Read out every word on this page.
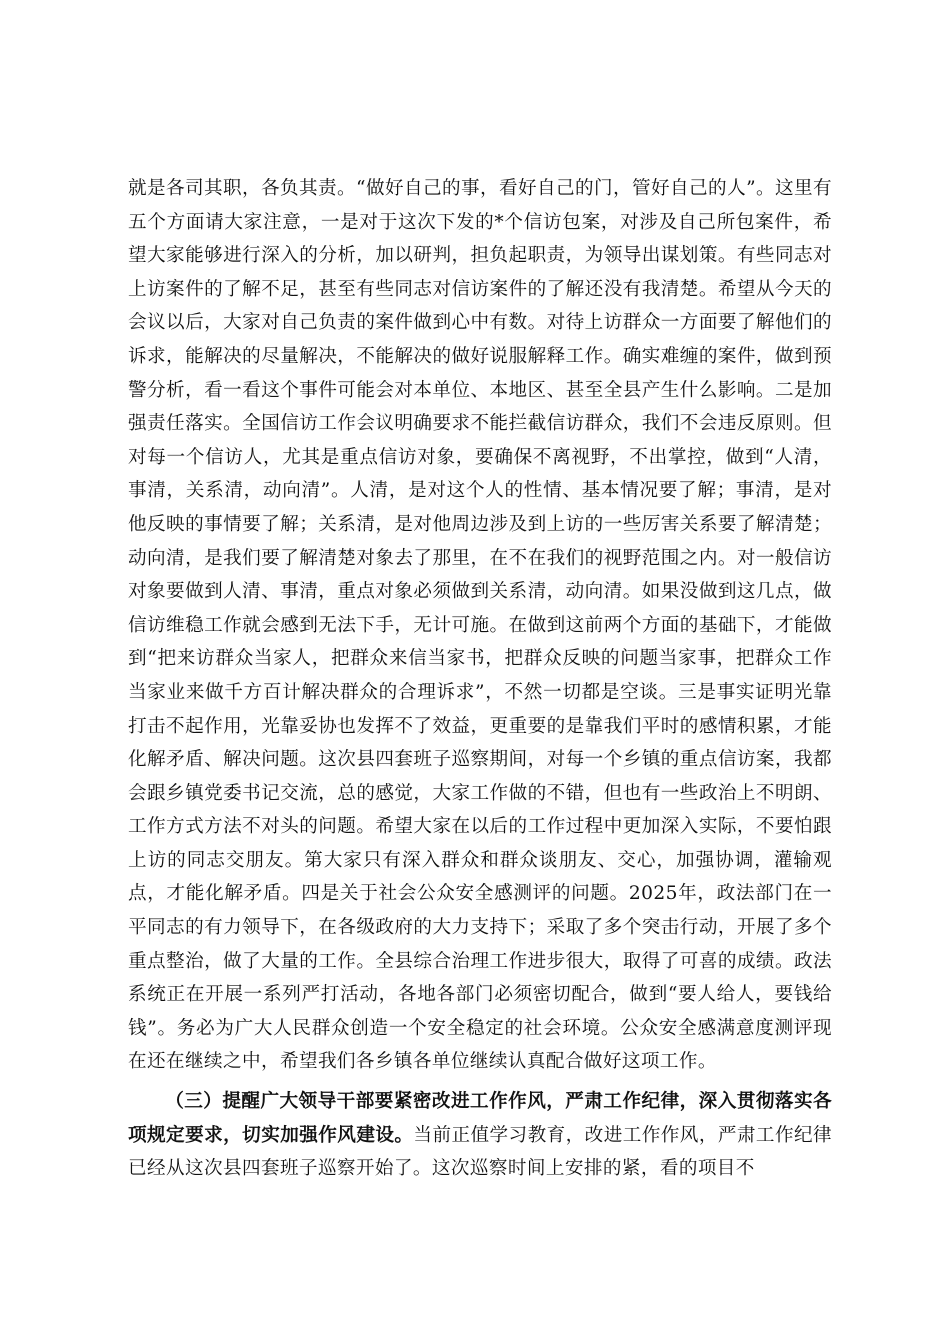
就是各司其职，各负其责。“做好自己的事，看好自己的门，管好自己的人”。这里有五个方面请大家注意，一是对于这次下发的*个信访包案，对涉及自己所包案件，希望大家能够进行深入的分析，加以研判，担负起职责，为领导出谋划策。有些同志对上访案件的了解不足，甚至有些同志对信访案件的了解还没有我清楚。希望从今天的会议以后，大家对自己负责的案件做到心中有数。对待上访群众一方面要了解他们的诉求，能解决的尽量解决，不能解决的做好说服解释工作。确实难缠的案件，做到预警分析，看一看这个事件可能会对本单位、本地区、甚至全县产生什么影响。二是加强责任落实。全国信访工作会议明确要求不能拦截信访群众，我们不会违反原则。但对每一个信访人，尤其是重点信访对象，要确保不离视野，不出掌控，做到“人清，事清，关系清，动向清”。人清，是对这个人的性情、基本情况要了解；事清，是对他反映的事情要了解；关系清，是对他周边涉及到上访的一些厉害关系要了解清楚；动向清，是我们要了解清楚对象去了那里，在不在我们的视野范围之内。对一般信访对象要做到人清、事清，重点对象必须做到关系清，动向清。如果没做到这几点，做信访维稳工作就会感到无法下手，无计可施。在做到这前两个方面的基础下，才能做到“把来访群众当家人，把群众来信当家书，把群众反映的问题当家事，把群众工作当家业来做千方百计解决群众的合理诉求”，不然一切都是空谈。三是事实证明光靠打击不起作用，光靠妥协也发挥不了效益，更重要的是靠我们平时的感情积累，才能化解矛盾、解决问题。这次县四套班子巡察期间，对每一个乡镇的重点信访案，我都会跟乡镇党委书记交流，总的感觉，大家工作做的不错，但也有一些政治上不明朗、工作方式方法不对头的问题。希望大家在以后的工作过程中更加深入实际，不要怕跟上访的同志交朋友。第大家只有深入群众和群众谈朋友、交心，加强协调，灌输观点，才能化解矛盾。四是关于社会公众安全感测评的问题。2025年，政法部门在一平同志的有力领导下，在各级政府的大力支持下；采取了多个突击行动，开展了多个重点整治，做了大量的工作。全县综合治理工作进步很大，取得了可喜的成绩。政法系统正在开展一系列严打活动，各地各部门必须密切配合，做到“要人给人，要钱给钱”。务必为广大人民群众创造一个安全稳定的社会环境。公众安全感满意度测评现在还在继续之中，希望我们各乡镇各单位继续认真配合做好这项工作。

（三）提醒广大领导干部要紧密改进工作作风，严肃工作纪律，深入贯彻落实各项规定要求，切实加强作风建设。当前正值学习教育，改进工作作风，严肃工作纪律已经从这次县四套班子巡察开始了。这次巡察时间上安排的紧，看的项目不
